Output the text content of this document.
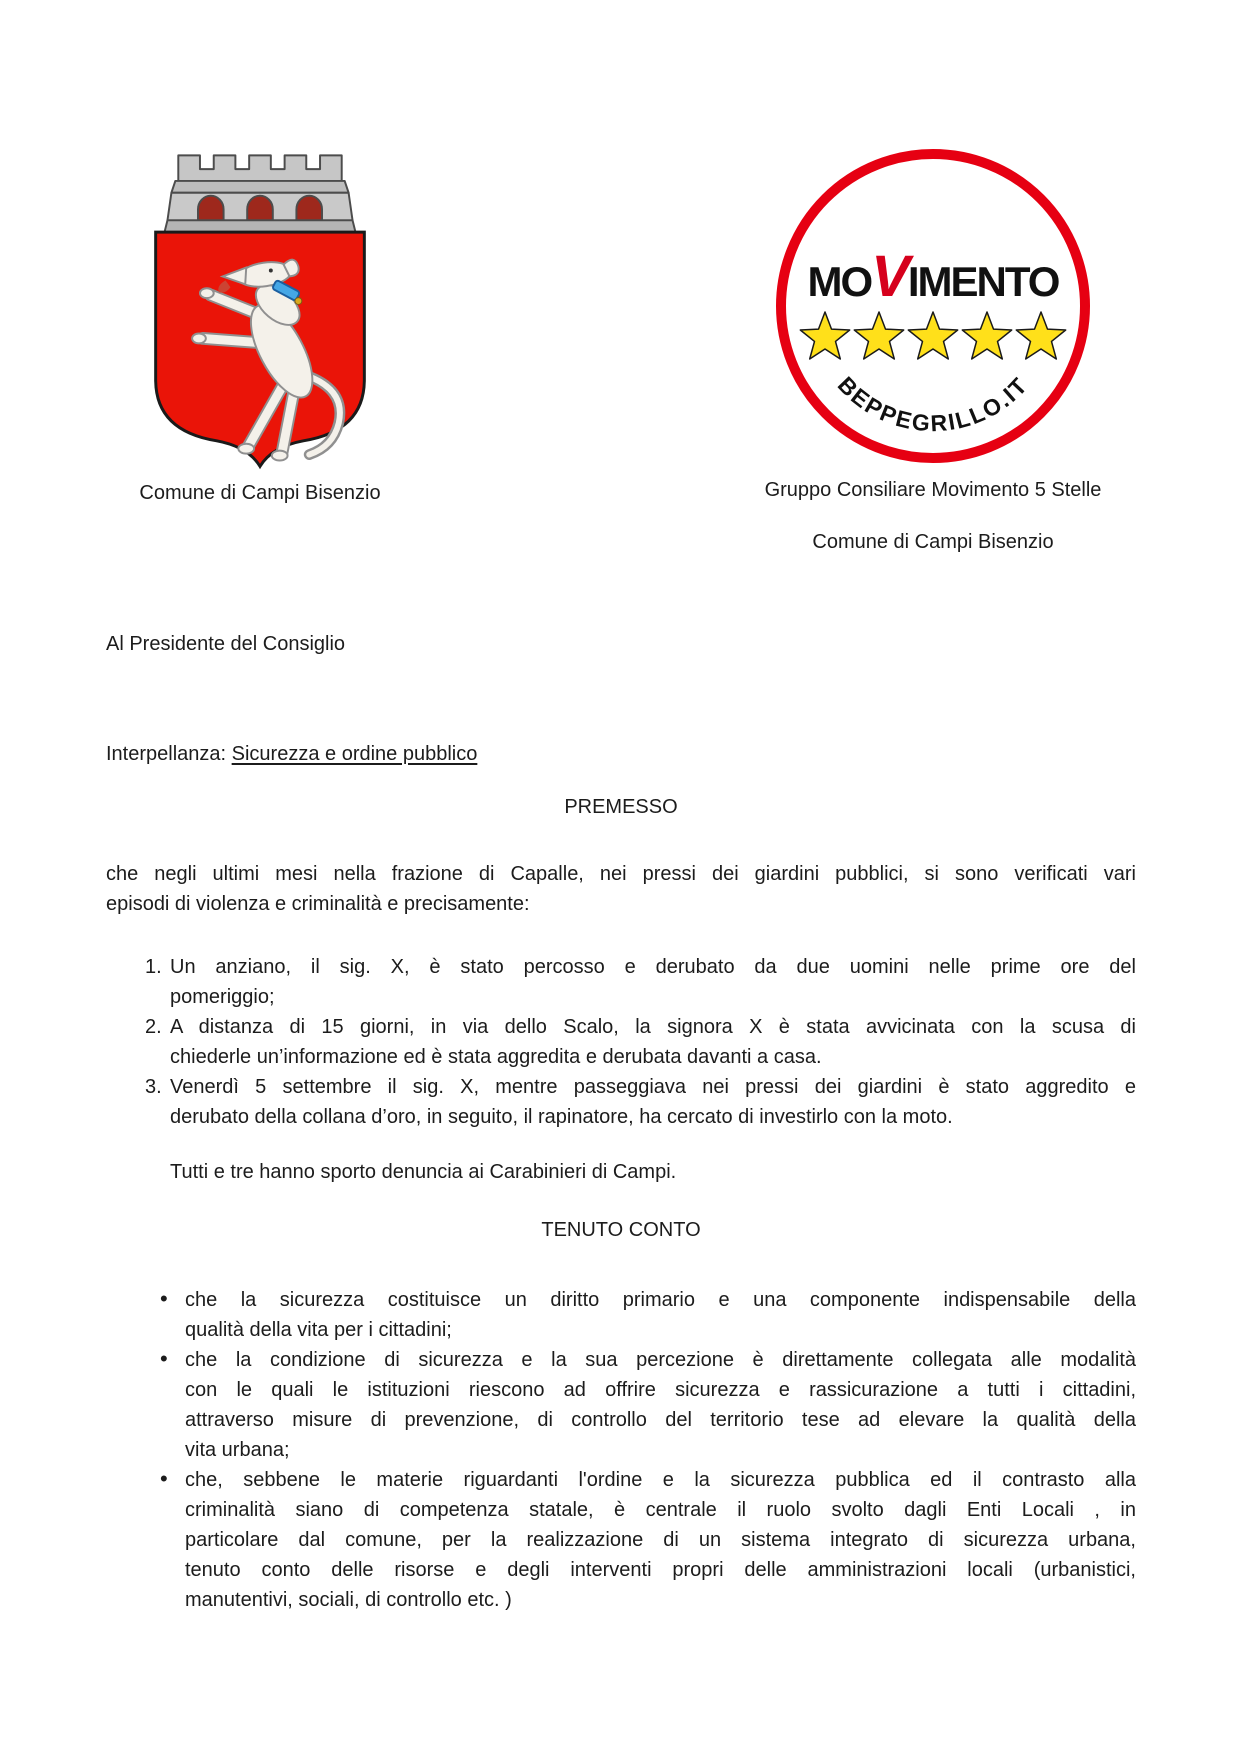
Comune di Campi Bisenzio
MOVIMENTO
BEPPEGRILLO.IT
Gruppo Consiliare Movimento 5 Stelle
Comune di Campi Bisenzio
Al Presidente del Consiglio
Interpellanza: Sicurezza e ordine pubblico
PREMESSO
che negli ultimi mesi nella frazione di Capalle, nei pressi dei giardini pubblici, si sono verificati vari
episodi di violenza e criminalità e precisamente:
1. Un anziano, il sig. X, è stato percosso e derubato da due uomini nelle prime ore del
pomeriggio;
2. A distanza di 15 giorni, in via dello Scalo, la signora X è stata avvicinata con la scusa di
chiederle un’informazione ed è stata aggredita e derubata davanti a casa.
3. Venerdì 5 settembre il sig. X, mentre passeggiava nei pressi dei giardini è stato aggredito e
derubato della collana d’oro, in seguito, il rapinatore, ha cercato di investirlo con la moto.
Tutti e tre hanno sporto denuncia ai Carabinieri di Campi.
TENUTO CONTO
• che la sicurezza costituisce un diritto primario e una componente indispensabile della
qualità della vita per i cittadini;
• che la condizione di sicurezza e la sua percezione è direttamente collegata alle modalità
con le quali le istituzioni riescono ad offrire sicurezza e rassicurazione a tutti i cittadini,
attraverso misure di prevenzione, di controllo del territorio tese ad elevare la qualità della
vita urbana;
• che, sebbene le materie riguardanti l'ordine e la sicurezza pubblica ed il contrasto alla
criminalità siano di competenza statale, è centrale il ruolo svolto dagli Enti Locali , in
particolare dal comune, per la realizzazione di un sistema integrato di sicurezza urbana,
tenuto conto delle risorse e degli interventi propri delle amministrazioni locali (urbanistici,
manutentivi, sociali, di controllo etc. )
